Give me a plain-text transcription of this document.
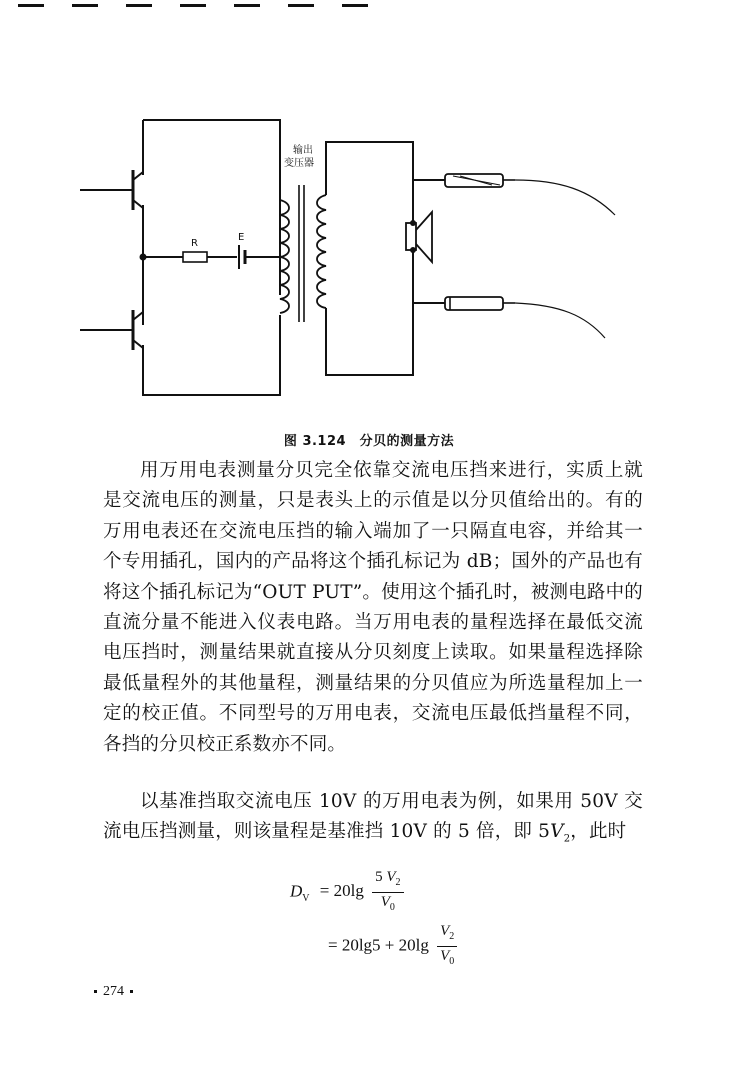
输出
变压器
R
E
图 3.124　分贝的测量方法
用万用电表测量分贝完全依靠交流电压挡来进行，实质上就是交流电压的测量，只是表头上的示值是以分贝值给出的。有的万用电表还在交流电压挡的输入端加了一只隔直电容，并给其一个专用插孔，国内的产品将这个插孔标记为 dB；国外的产品也有将这个插孔标记为“OUT PUT”。使用这个插孔时，被测电路中的直流分量不能进入仪表电路。当万用电表的量程选择在最低交流电压挡时，测量结果就直接从分贝刻度上读取。如果量程选择除最低量程外的其他量程，测量结果的分贝值应为所选量程加上一定的校正值。不同型号的万用电表，交流电压最低挡量程不同，各挡的分贝校正系数亦不同。
以基准挡取交流电压 10V 的万用电表为例，如果用 50V 交流电压挡测量，则该量程是基准挡 10V 的 5 倍，即 $5V_2$，此时
$D_V = 20\lg \frac{5 V_2}{V_0}$
= $20\lg 5 + 20\lg \frac{V_2}{V_0}$
274
